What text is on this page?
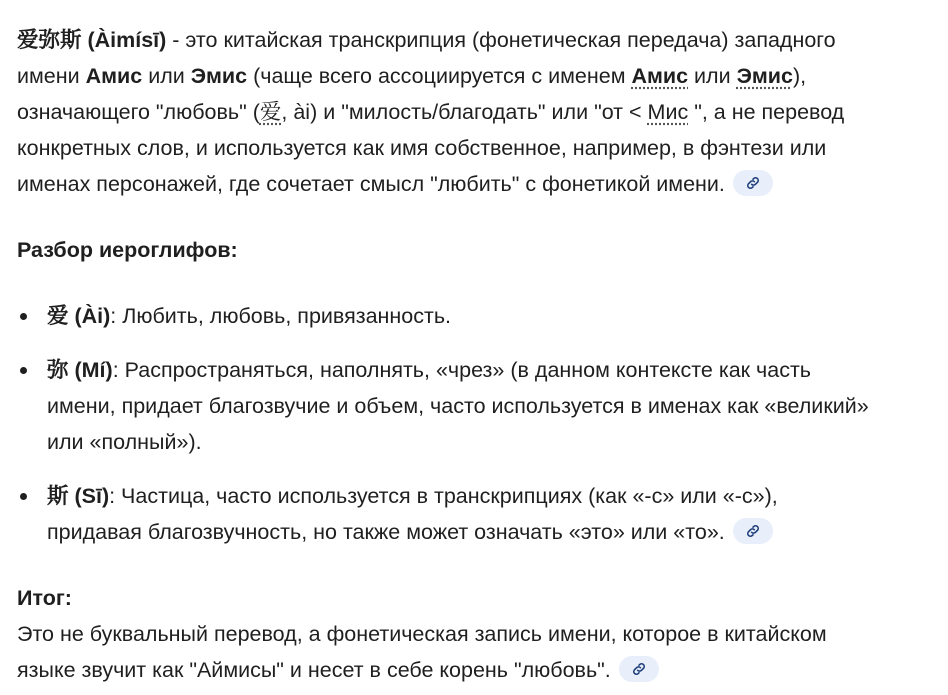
爱弥斯 (Àimísī) - это китайская транскрипция (фонетическая передача) западного
имени Амис или Эмис (чаще всего ассоциируется с именем Амис или Эмис),
означающего "любовь" (爱, ài) и "милость/благодать" или "от < Мис ", а не перевод
конкретных слов, и используется как имя собственное, например, в фэнтези или
именах персонажей, где сочетает смысл "любить" с фонетикой имени.
Разбор иероглифов:
爱 (Ài): Любить, любовь, привязанность.
弥 (Mí): Распространяться, наполнять, «чрез» (в данном контексте как часть
имени, придает благозвучие и объем, часто используется в именах как «великий»
или «полный»).
斯 (Sī): Частица, часто используется в транскрипциях (как «-с» или «-с»),
придавая благозвучность, но также может означать «это» или «то».
Итог:
Это не буквальный перевод, а фонетическая запись имени, которое в китайском
языке звучит как "Аймисы" и несет в себе корень "любовь".
